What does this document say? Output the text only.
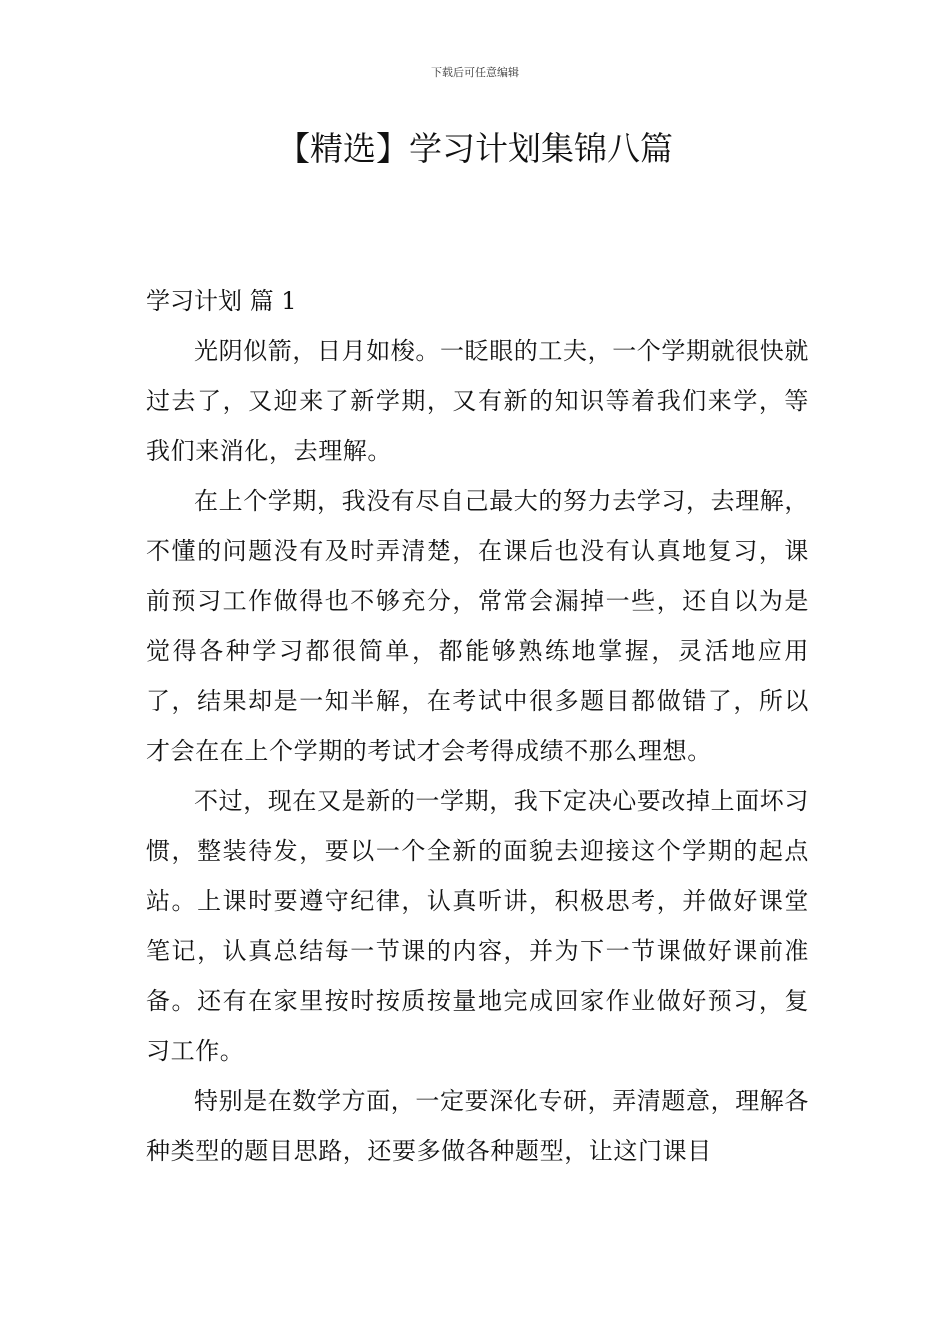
下载后可任意编辑
【精选】学习计划集锦八篇
学习计划 篇 1

光阴似箭，日月如梭。一眨眼的工夫，一个学期就很快就过去了，又迎来了新学期，又有新的知识等着我们来学，等我们来消化，去理解。

在上个学期，我没有尽自己最大的努力去学习，去理解，不懂的问题没有及时弄清楚，在课后也没有认真地复习，课前预习工作做得也不够充分，常常会漏掉一些，还自以为是觉得各种学习都很简单，都能够熟练地掌握，灵活地应用了，结果却是一知半解，在考试中很多题目都做错了，所以才会在在上个学期的考试才会考得成绩不那么理想。

不过，现在又是新的一学期，我下定决心要改掉上面坏习惯，整装待发，要以一个全新的面貌去迎接这个学期的起点站。上课时要遵守纪律，认真听讲，积极思考，并做好课堂笔记，认真总结每一节课的内容，并为下一节课做好课前准备。还有在家里按时按质按量地完成回家作业做好预习，复习工作。

特别是在数学方面，一定要深化专研，弄清题意，理解各种类型的题目思路，还要多做各种题型，让这门课目
